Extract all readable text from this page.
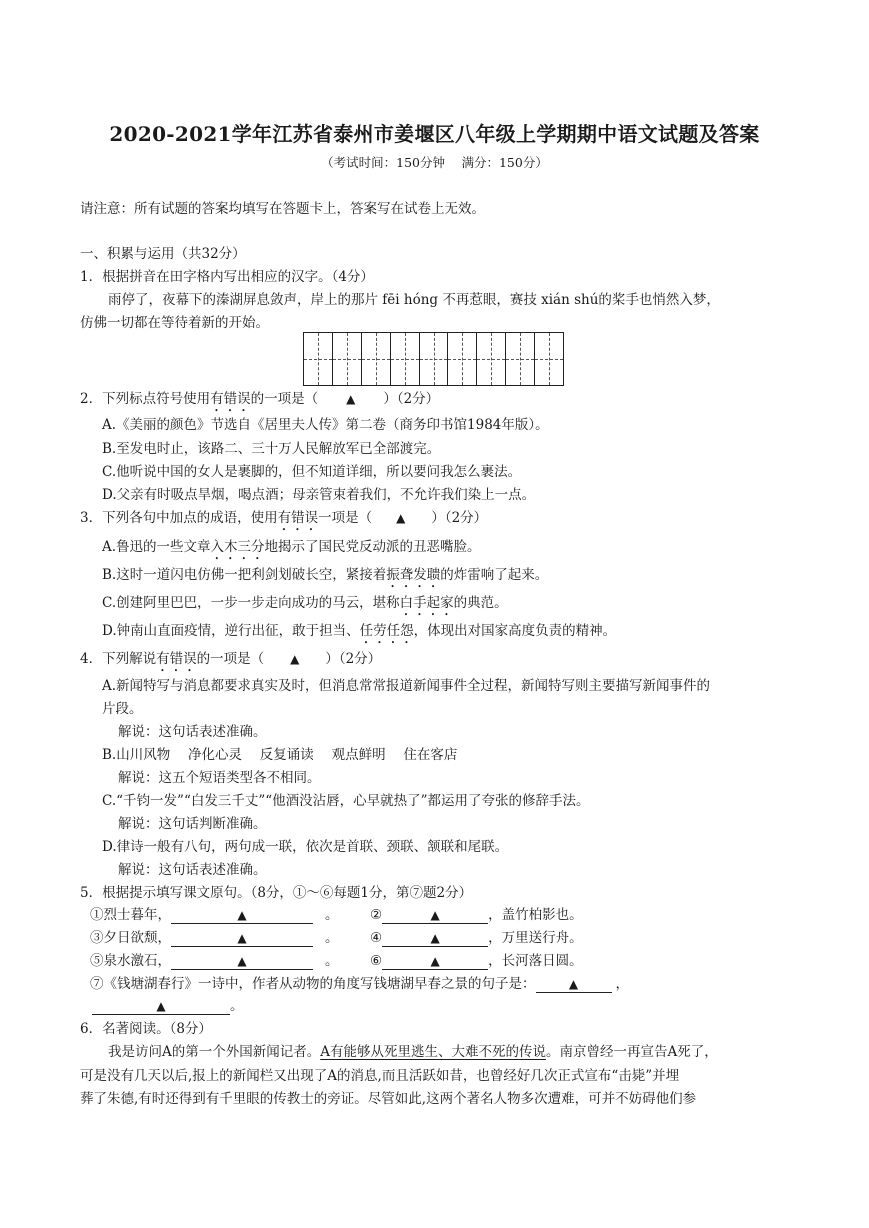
2020-2021学年江苏省泰州市姜堰区八年级上学期期中语文试题及答案
（考试时间：150分钟　 满分：150分）
请注意：所有试题的答案均填写在答题卡上，答案写在试卷上无效。
一、积累与运用（共32分）
1．根据拼音在田字格内写出相应的汉字。（4分）
雨停了，夜幕下的溱湖屏息敛声，岸上的那片 fēi hóng 不再惹眼，赛技 xián shú的桨手也悄然入梦，
仿佛一切都在等待着新的开始。
2．下列标点符号使用有错误的一项是（ ▲ ）（2分）
A.《美丽的颜色》节选自《居里夫人传》第二卷（商务印书馆1984年版）。
B.至发电时止，该路二、三十万人民解放军已全部渡完。
C.他听说中国的女人是裹脚的，但不知道详细，所以要问我怎么裹法。
D.父亲有时吸点旱烟，喝点酒；母亲管束着我们，不允许我们染上一点。
3．下列各句中加点的成语，使用有错误一项是（ ▲ ）（2分）
A.鲁迅的一些文章入木三分地揭示了国民党反动派的丑恶嘴脸。
B.这时一道闪电仿佛一把利剑划破长空，紧接着振聋发聩的炸雷响了起来。
C.创建阿里巴巴，一步一步走向成功的马云，堪称白手起家的典范。
D.钟南山直面疫情，逆行出征，敢于担当、任劳任怨，体现出对国家高度负责的精神。
4．下列解说有错误的一项是（ ▲ ）（2分）
A.新闻特写与消息都要求真实及时，但消息常常报道新闻事件全过程，新闻特写则主要描写新闻事件的
片段。
解说：这句话表述准确。
B.山川风物　 净化心灵　 反复诵读　 观点鲜明　 住在客店
解说：这五个短语类型各不相同。
C.“千钧一发”“白发三千丈”“他酒没沾唇，心早就热了”都运用了夸张的修辞手法。
解说：这句话判断准确。
D.律诗一般有八句，两句成一联，依次是首联、颈联、颔联和尾联。
解说：这句话表述准确。
5．根据提示填写课文原句。（8分，①～⑥每题1分，第⑦题2分）
①烈士暮年，	▲	。 ②	▲	，盖竹柏影也。
③夕日欲颓，	▲	。 ④	▲	，万里送行舟。
⑤泉水激石，	▲	。 ⑥	▲	，长河落日圆。
⑦《钱塘湖春行》一诗中，作者从动物的角度写钱塘湖早春之景的句子是：	▲	，
▲	。
6．名著阅读。（8分）
我是访问A的第一个外国新闻记者。A有能够从死里逃生、大难不死的传说。南京曾经一再宣告A死了，
可是没有几天以后,报上的新闻栏又出现了A的消息,而且活跃如昔，也曾经好几次正式宣布“击毙”并埋
葬了朱德,有时还得到有千里眼的传教士的旁证。尽管如此,这两个著名人物多次遭难，可并不妨碍他们参
